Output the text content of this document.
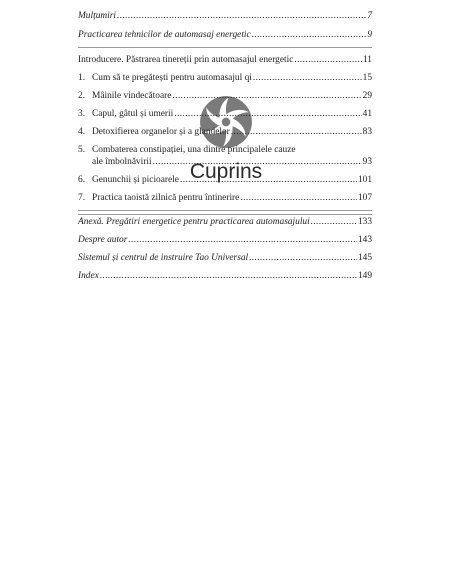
Cuprins
Mulțumiri .....	7
Practicarea tehnicilor de automasaj energetic .....	9
Introducere. Păstrarea tinereții prin automasajul energetic .....	11
1. Cum să te pregătești pentru automasajul qi .....	15
2. Mâinile vindecătoare .....	29
3. Capul, gâtul și umerii .....	41
4. Detoxifierea organelor și a glandelor .....	83
5. Combaterea constipației, una dintre principalele cauze
ale îmbolnăvirii .....	93
6. Genunchii și picioarele .....	101
7. Practica taoistă zilnică pentru întinerire .....	107
Anexă. Pregătiri energetice pentru practicarea automasajului .....	133
Despre autor .....	143
Sistemul și centrul de instruire Tao Universal .....	145
Index .....	149
